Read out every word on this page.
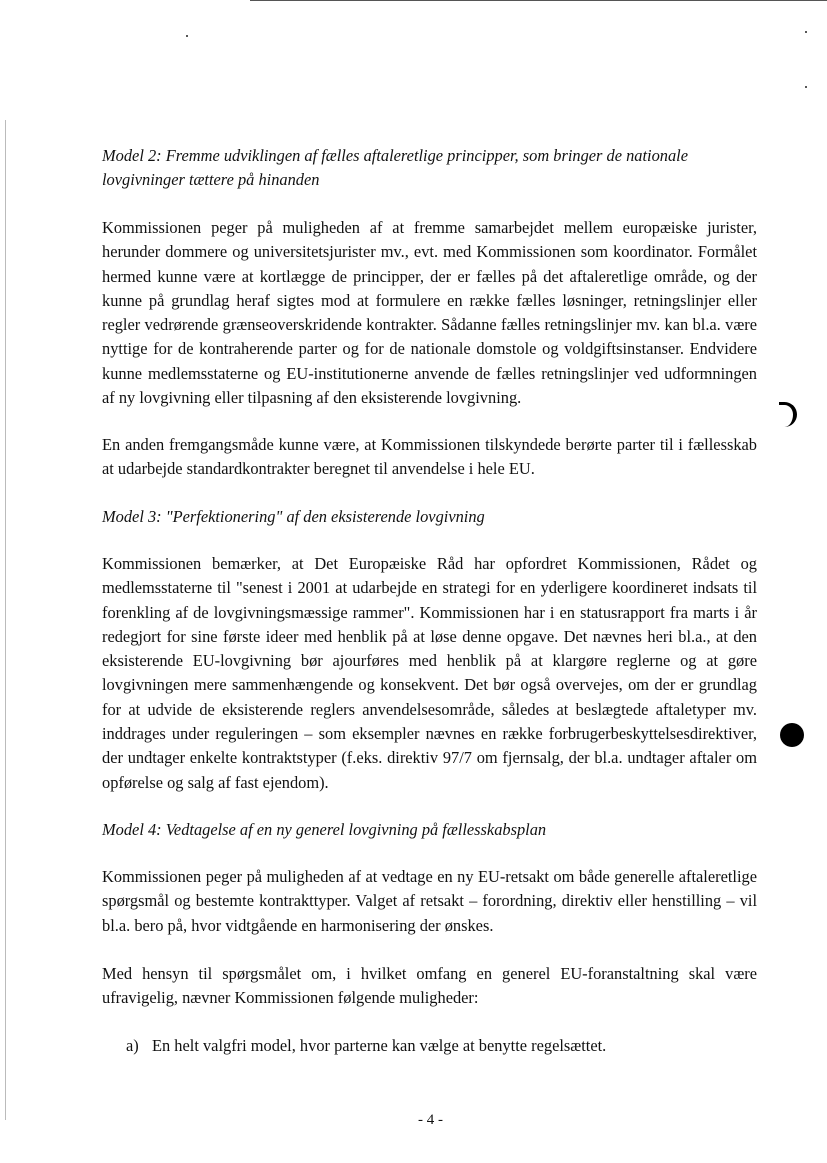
Model 2: Fremme udviklingen af fælles aftaleretlige principper, som bringer de nationale lovgivninger tættere på hinanden

Kommissionen peger på muligheden af at fremme samarbejdet mellem europæiske jurister, herunder dommere og universitetsjurister mv., evt. med Kommissionen som koordinator. Formålet hermed kunne være at kortlægge de principper, der er fælles på det aftaleretlige område, og der kunne på grundlag heraf sigtes mod at formulere en række fælles løsninger, retningslinjer eller regler vedrørende grænseoverskridende kontrakter. Sådanne fælles retningslinjer mv. kan bl.a. være nyttige for de kontraherende parter og for de nationale domstole og voldgiftsinstanser. Endvidere kunne medlemsstaterne og EU-institutionerne anvende de fælles retningslinjer ved udformningen af ny lovgivning eller tilpasning af den eksisterende lovgivning.

En anden fremgangsmåde kunne være, at Kommissionen tilskyndede berørte parter til i fællesskab at udarbejde standardkontrakter beregnet til anvendelse i hele EU.

Model 3: "Perfektionering" af den eksisterende lovgivning

Kommissionen bemærker, at Det Europæiske Råd har opfordret Kommissionen, Rådet og medlemsstaterne til "senest i 2001 at udarbejde en strategi for en yderligere koordineret indsats til forenkling af de lovgivningsmæssige rammer". Kommissionen har i en statusrapport fra marts i år redegjort for sine første ideer med henblik på at løse denne opgave. Det nævnes heri bl.a., at den eksisterende EU-lovgivning bør ajourføres med henblik på at klargøre reglerne og at gøre lovgivningen mere sammenhængende og konsekvent. Det bør også overvejes, om der er grundlag for at udvide de eksisterende reglers anvendelsesområde, således at beslægtede aftaletyper mv. inddrages under reguleringen – som eksempler nævnes en række forbrugerbeskyttelsesdirektiver, der undtager enkelte kontraktstyper (f.eks. direktiv 97/7 om fjernsalg, der bl.a. undtager aftaler om opførelse og salg af fast ejendom).

Model 4: Vedtagelse af en ny generel lovgivning på fællesskabsplan

Kommissionen peger på muligheden af at vedtage en ny EU-retsakt om både generelle aftaleretlige spørgsmål og bestemte kontrakttyper. Valget af retsakt – forordning, direktiv eller henstilling – vil bl.a. bero på, hvor vidtgående en harmonisering der ønskes.

Med hensyn til spørgsmålet om, i hvilket omfang en generel EU-foranstaltning skal være ufravigelig, nævner Kommissionen følgende muligheder:

a) En helt valgfri model, hvor parterne kan vælge at benytte regelsættet.
- 4 -
